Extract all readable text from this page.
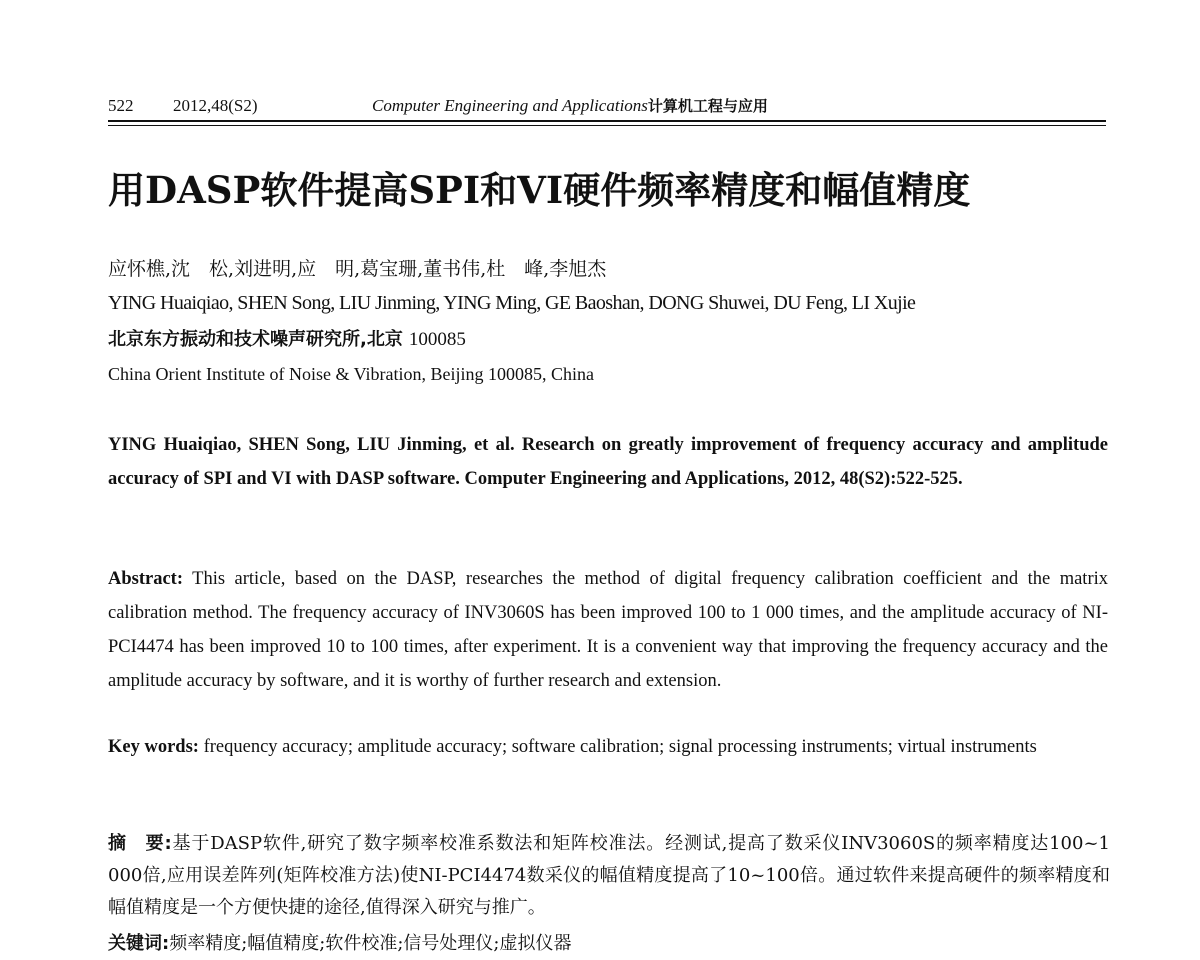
522 2012,48(S2)	Computer Engineering and Applications计算机工程与应用
用DASP软件提高SPI和VI硬件频率精度和幅值精度
应怀樵,沈　松,刘进明,应　明,葛宝珊,董书伟,杜　峰,李旭杰
YING Huaiqiao, SHEN Song, LIU Jinming, YING Ming, GE Baoshan, DONG Shuwei, DU Feng, LI Xujie
北京东方振动和技术噪声研究所,北京 100085
China Orient Institute of Noise & Vibration, Beijing 100085, China
YING Huaiqiao, SHEN Song, LIU Jinming, et al. Research on greatly improvement of frequency accuracy and amplitude accuracy of SPI and VI with DASP software. Computer Engineering and Applications, 2012, 48(S2):522-525.
Abstract: This article, based on the DASP, researches the method of digital frequency calibration coefficient and the matrix calibration method. The frequency accuracy of INV3060S has been improved 100 to 1 000 times, and the amplitude accuracy of NI-PCI4474 has been improved 10 to 100 times, after experiment. It is a convenient way that improving the frequency accuracy and the amplitude accuracy by software, and it is worthy of further research and extension.
Key words: frequency accuracy; amplitude accuracy; software calibration; signal processing instruments; virtual instruments
摘　要:基于DASP软件,研究了数字频率校准系数法和矩阵校准法。经测试,提高了数采仪INV3060S的频率精度达100~1 000倍,应用误差阵列(矩阵校准方法)使NI-PCI4474数采仪的幅值精度提高了10~100倍。通过软件来提高硬件的频率精度和幅值精度是一个方便快捷的途径,值得深入研究与推广。
关键词:频率精度;幅值精度;软件校准;信号处理仪;虚拟仪器
